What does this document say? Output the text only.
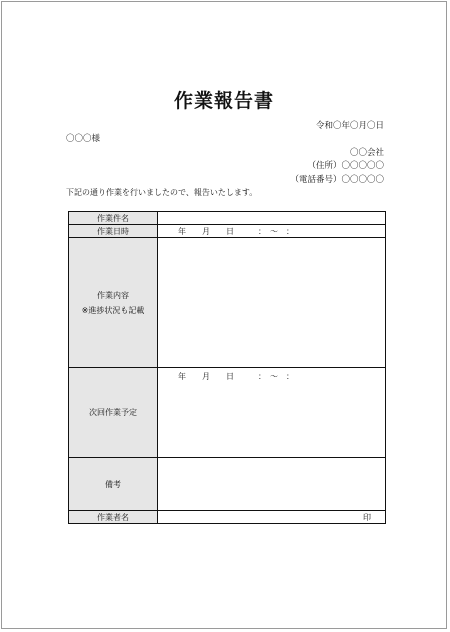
作業報告書
令和〇年〇月〇日
〇〇〇様
〇〇会社
（住所）〇〇〇〇〇
（電話番号）〇〇〇〇〇
下記の通り作業を行いましたので、報告いたします。
作業件名	
作業日時	年　　月　　日　　　：　〜　：

作業内容
※進捗状況も記載	

次回作業予定	年　　月　　日　　　：　〜　：

備考	
作業者名	印
